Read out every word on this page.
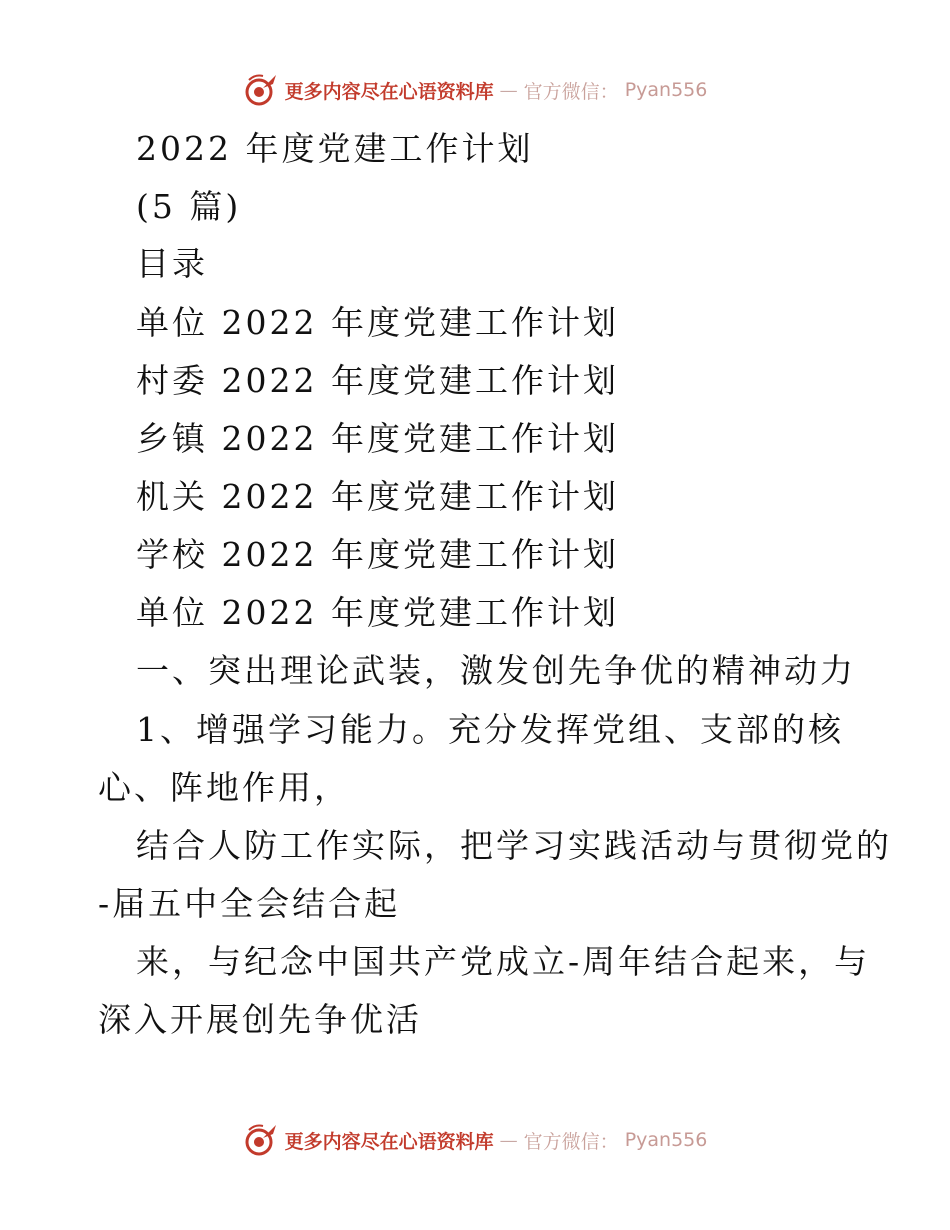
更多内容尽在心语资料库 — 官方微信： Pyan556
2022 年度党建工作计划
(5 篇)
目录
单位 2022 年度党建工作计划
村委 2022 年度党建工作计划
乡镇 2022 年度党建工作计划
机关 2022 年度党建工作计划
学校 2022 年度党建工作计划
单位 2022 年度党建工作计划
一、突出理论武装，激发创先争优的精神动力
1、增强学习能力。充分发挥党组、支部的核
心、阵地作用，
结合人防工作实际，把学习实践活动与贯彻党的
-届五中全会结合起
来，与纪念中国共产党成立-周年结合起来，与
深入开展创先争优活
更多内容尽在心语资料库 — 官方微信： Pyan556
